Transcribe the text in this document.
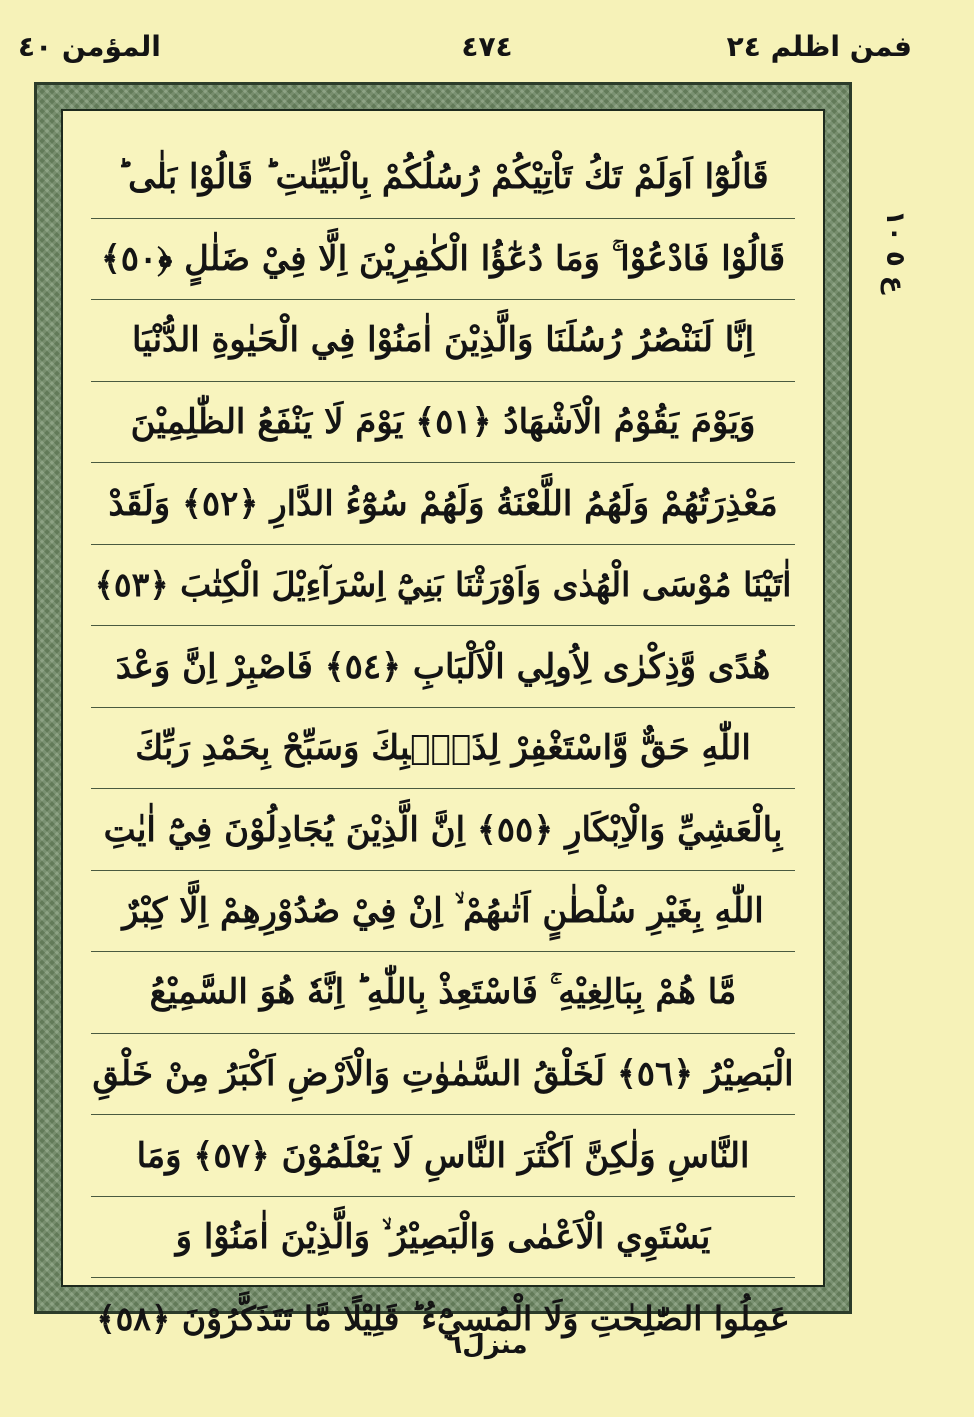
فمن اظلم ٢٤
٤٧٤
المؤمن ٤٠
قَالُوْٓا اَوَلَمْ تَكُ تَاْتِيْكُمْ رُسُلُكُمْ بِالْبَيِّنٰتِ ؕ قَالُوْا بَلٰى ؕ
قَالُوْا فَادْعُوْا ۚ وَمَا دُعٰٓؤُا الْكٰفِرِيْنَ اِلَّا فِيْ ضَلٰلٍ ﴿٥٠﴾
اِنَّا لَنَنْصُرُ رُسُلَنَا وَالَّذِيْنَ اٰمَنُوْا فِي الْحَيٰوةِ الدُّنْيَا
وَيَوْمَ يَقُوْمُ الْاَشْهَادُ ﴿٥١﴾ يَوْمَ لَا يَنْفَعُ الظّٰلِمِيْنَ
مَعْذِرَتُهُمْ وَلَهُمُ اللَّعْنَةُ وَلَهُمْ سُوْٓءُ الدَّارِ ﴿٥٢﴾ وَلَقَدْ
اٰتَيْنَا مُوْسَى الْهُدٰى وَاَوْرَثْنَا بَنِيْٓ اِسْرَآءِيْلَ الْكِتٰبَ ﴿٥٣﴾
هُدًى وَّذِكْرٰى لِاُولِي الْاَلْبَابِ ﴿٥٤﴾ فَاصْبِرْ اِنَّ وَعْدَ
اللّٰهِ حَقٌّ وَّاسْتَغْفِرْ لِذَنْۢبِكَ وَسَبِّحْ بِحَمْدِ رَبِّكَ
بِالْعَشِيِّ وَالْاِبْكَارِ ﴿٥٥﴾ اِنَّ الَّذِيْنَ يُجَادِلُوْنَ فِيْٓ اٰيٰتِ
اللّٰهِ بِغَيْرِ سُلْطٰنٍ اَتٰىهُمْ ۙ اِنْ فِيْ صُدُوْرِهِمْ اِلَّا كِبْرٌ
مَّا هُمْ بِبَالِغِيْهِ ۚ فَاسْتَعِذْ بِاللّٰهِ ؕ اِنَّهٗ هُوَ السَّمِيْعُ
الْبَصِيْرُ ﴿٥٦﴾ لَخَلْقُ السَّمٰوٰتِ وَالْاَرْضِ اَكْبَرُ مِنْ خَلْقِ
النَّاسِ وَلٰكِنَّ اَكْثَرَ النَّاسِ لَا يَعْلَمُوْنَ ﴿٥٧﴾ وَمَا
يَسْتَوِي الْاَعْمٰى وَالْبَصِيْرُ ۙ وَالَّذِيْنَ اٰمَنُوْا وَ
عَمِلُوا الصّٰلِحٰتِ وَلَا الْمُسِيْٓءُ ؕ قَلِيْلًا مَّا تَتَذَكَّرُوْنَ ﴿٥٨﴾
ع ٥ ١٠
منزل٦
